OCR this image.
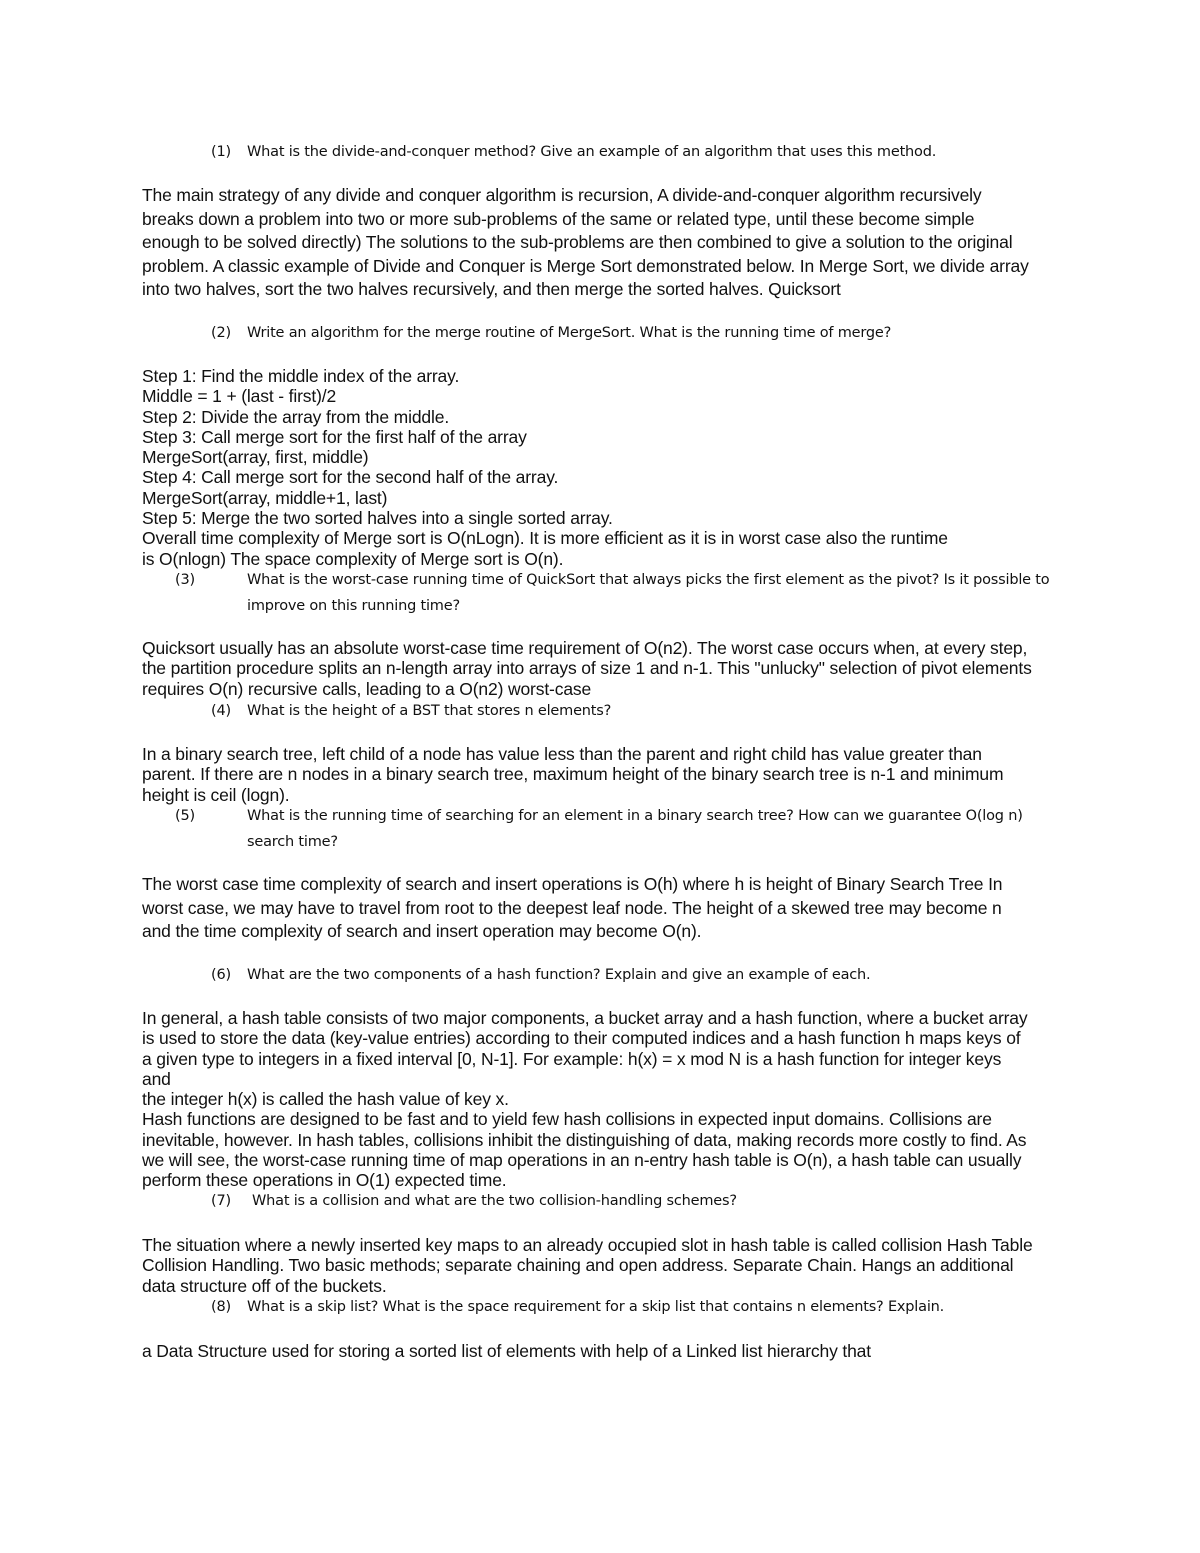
(1) What is the divide-and-conquer method? Give an example of an algorithm that uses this method.
The main strategy of any divide and conquer algorithm is recursion, A divide-and-conquer algorithm recursively
breaks down a problem into two or more sub-problems of the same or related type, until these become simple
enough to be solved directly) The solutions to the sub-problems are then combined to give a solution to the original
problem. A classic example of Divide and Conquer is Merge Sort demonstrated below. In Merge Sort, we divide array
into two halves, sort the two halves recursively, and then merge the sorted halves. Quicksort
(2) Write an algorithm for the merge routine of MergeSort. What is the running time of merge?
Step 1: Find the middle index of the array.
Middle = 1 + (last - first)/2
Step 2: Divide the array from the middle.
Step 3: Call merge sort for the first half of the array
MergeSort(array, first, middle)
Step 4: Call merge sort for the second half of the array.
MergeSort(array, middle+1, last)
Step 5: Merge the two sorted halves into a single sorted array.
Overall time complexity of Merge sort is O(nLogn). It is more efficient as it is in worst case also the runtime
is O(nlogn) The space complexity of Merge sort is O(n).
(3)	What is the worst-case running time of QuickSort that always picks the first element as the pivot? Is it possible to improve on this running time?
Quicksort usually has an absolute worst-case time requirement of O(n2). The worst case occurs when, at every step,
the partition procedure splits an n-length array into arrays of size 1 and n-1. This "unlucky" selection of pivot elements
requires O(n) recursive calls, leading to a O(n2) worst-case
(4) What is the height of a BST that stores n elements?
In a binary search tree, left child of a node has value less than the parent and right child has value greater than
parent. If there are n nodes in a binary search tree, maximum height of the binary search tree is n-1 and minimum
height is ceil (logn).
(5)	What is the running time of searching for an element in a binary search tree? How can we guarantee O(log n) search time?
The worst case time complexity of search and insert operations is O(h) where h is height of Binary Search Tree In
worst case, we may have to travel from root to the deepest leaf node. The height of a skewed tree may become n
and the time complexity of search and insert operation may become O(n).
(6) What are the two components of a hash function? Explain and give an example of each.
In general, a hash table consists of two major components, a bucket array and a hash function, where a bucket array
is used to store the data (key-value entries) according to their computed indices and a hash function h maps keys of
a given type to integers in a fixed interval [0, N-1]. For example: h(x) = x mod N is a hash function for integer keys
and
the integer h(x) is called the hash value of key x.
Hash functions are designed to be fast and to yield few hash collisions in expected input domains. Collisions are
inevitable, however. In hash tables, collisions inhibit the distinguishing of data, making records more costly to find. As
we will see, the worst-case running time of map operations in an n-entry hash table is O(n), a hash table can usually
perform these operations in O(1) expected time.
(7) What is a collision and what are the two collision-handling schemes?
The situation where a newly inserted key maps to an already occupied slot in hash table is called collision Hash Table
Collision Handling. Two basic methods; separate chaining and open address. Separate Chain. Hangs an additional
data structure off of the buckets.
(8) What is a skip list? What is the space requirement for a skip list that contains n elements? Explain.
a Data Structure used for storing a sorted list of elements with help of a Linked list hierarchy that
